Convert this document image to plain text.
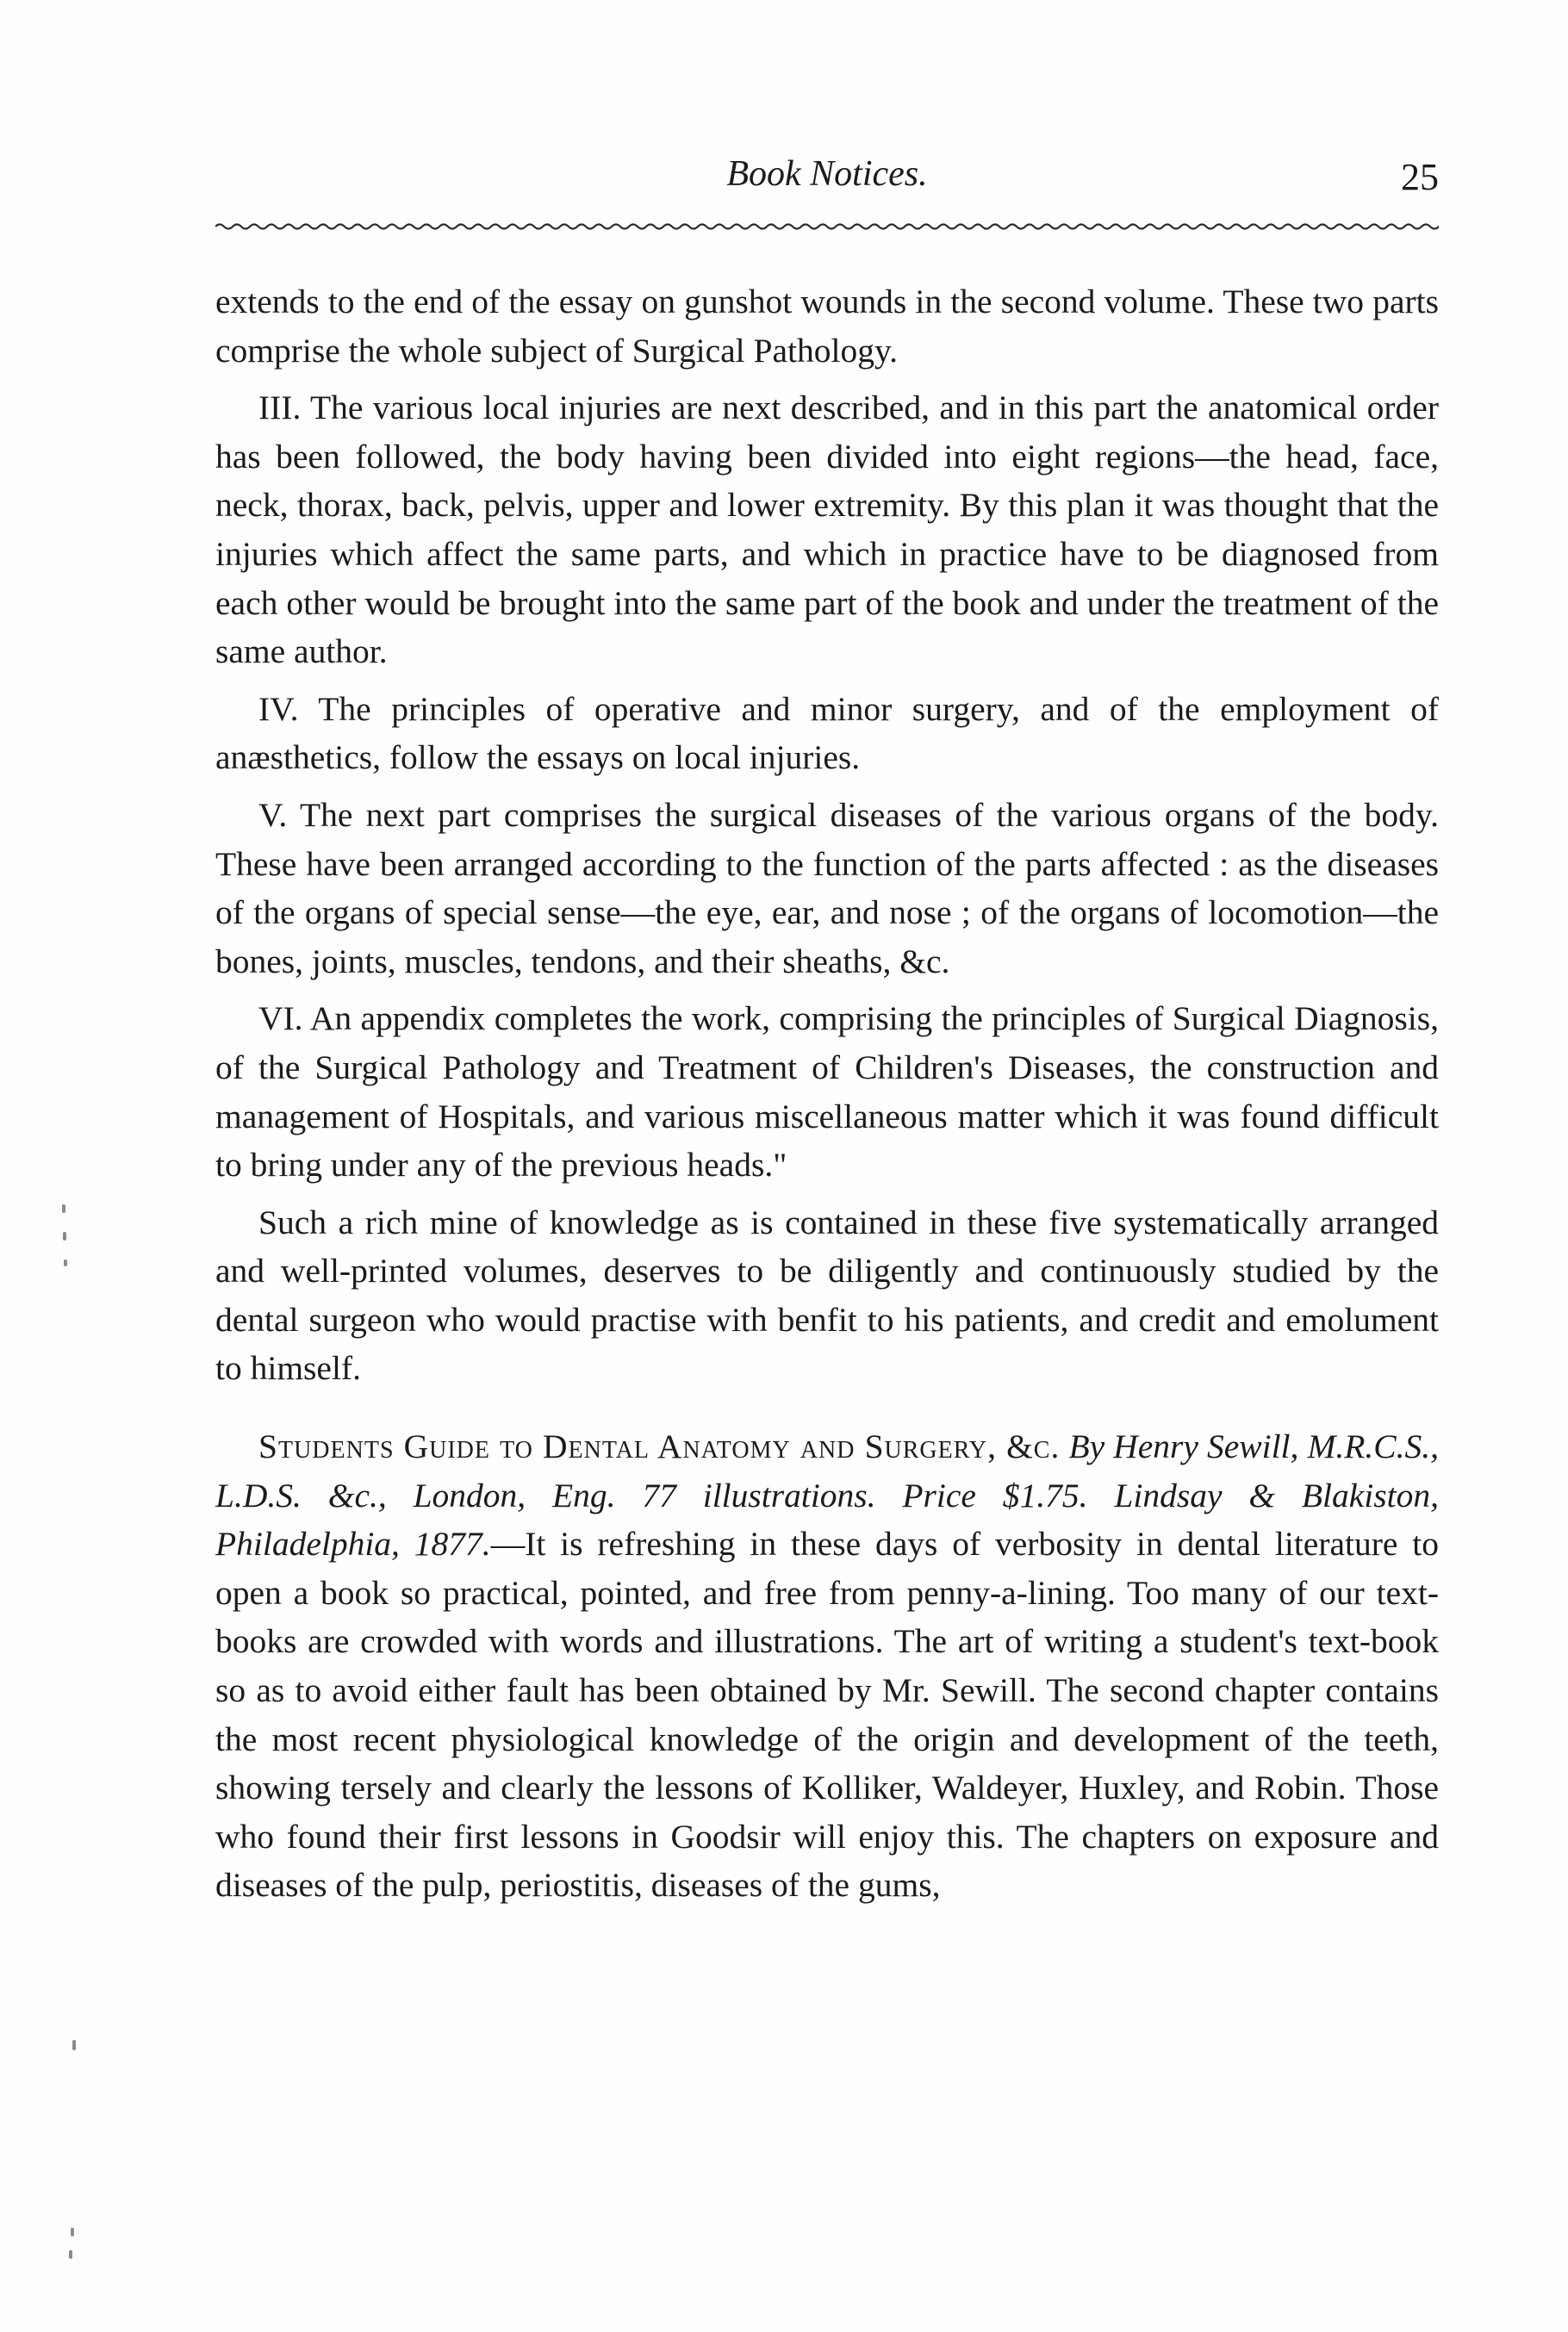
Book Notices.	25

extends to the end of the essay on gunshot wounds in the second volume. These two parts comprise the whole subject of Surgical Pathology.

III. The various local injuries are next described, and in this part the anatomical order has been followed, the body having been divided into eight regions—the head, face, neck, thorax, back, pelvis, upper and lower extremity. By this plan it was thought that the injuries which affect the same parts, and which in practice have to be diagnosed from each other would be brought into the same part of the book and under the treatment of the same author.

IV. The principles of operative and minor surgery, and of the employment of anæsthetics, follow the essays on local injuries.

V. The next part comprises the surgical diseases of the various organs of the body. These have been arranged according to the function of the parts affected : as the diseases of the organs of special sense—the eye, ear, and nose ; of the organs of locomotion—the bones, joints, muscles, tendons, and their sheaths, &c.

VI. An appendix completes the work, comprising the principles of Surgical Diagnosis, of the Surgical Pathology and Treatment of Children's Diseases, the construction and management of Hospitals, and various miscellaneous matter which it was found difficult to bring under any of the previous heads."

Such a rich mine of knowledge as is contained in these five systematically arranged and well-printed volumes, deserves to be diligently and continuously studied by the dental surgeon who would practise with benfit to his patients, and credit and emolument to himself.

Students Guide to Dental Anatomy and Surgery, &c. By Henry Sewill, M.R.C.S., L.D.S. &c., London, Eng. 77 illustrations. Price $1.75. Lindsay & Blakiston, Philadelphia, 1877.—It is refreshing in these days of verbosity in dental literature to open a book so practical, pointed, and free from penny-a-lining. Too many of our text-books are crowded with words and illustrations. The art of writing a student's text-book so as to avoid either fault has been obtained by Mr. Sewill. The second chapter contains the most recent physiological knowledge of the origin and development of the teeth, showing tersely and clearly the lessons of Kolliker, Waldeyer, Huxley, and Robin. Those who found their first lessons in Goodsir will enjoy this. The chapters on exposure and diseases of the pulp, periostitis, diseases of the gums,
